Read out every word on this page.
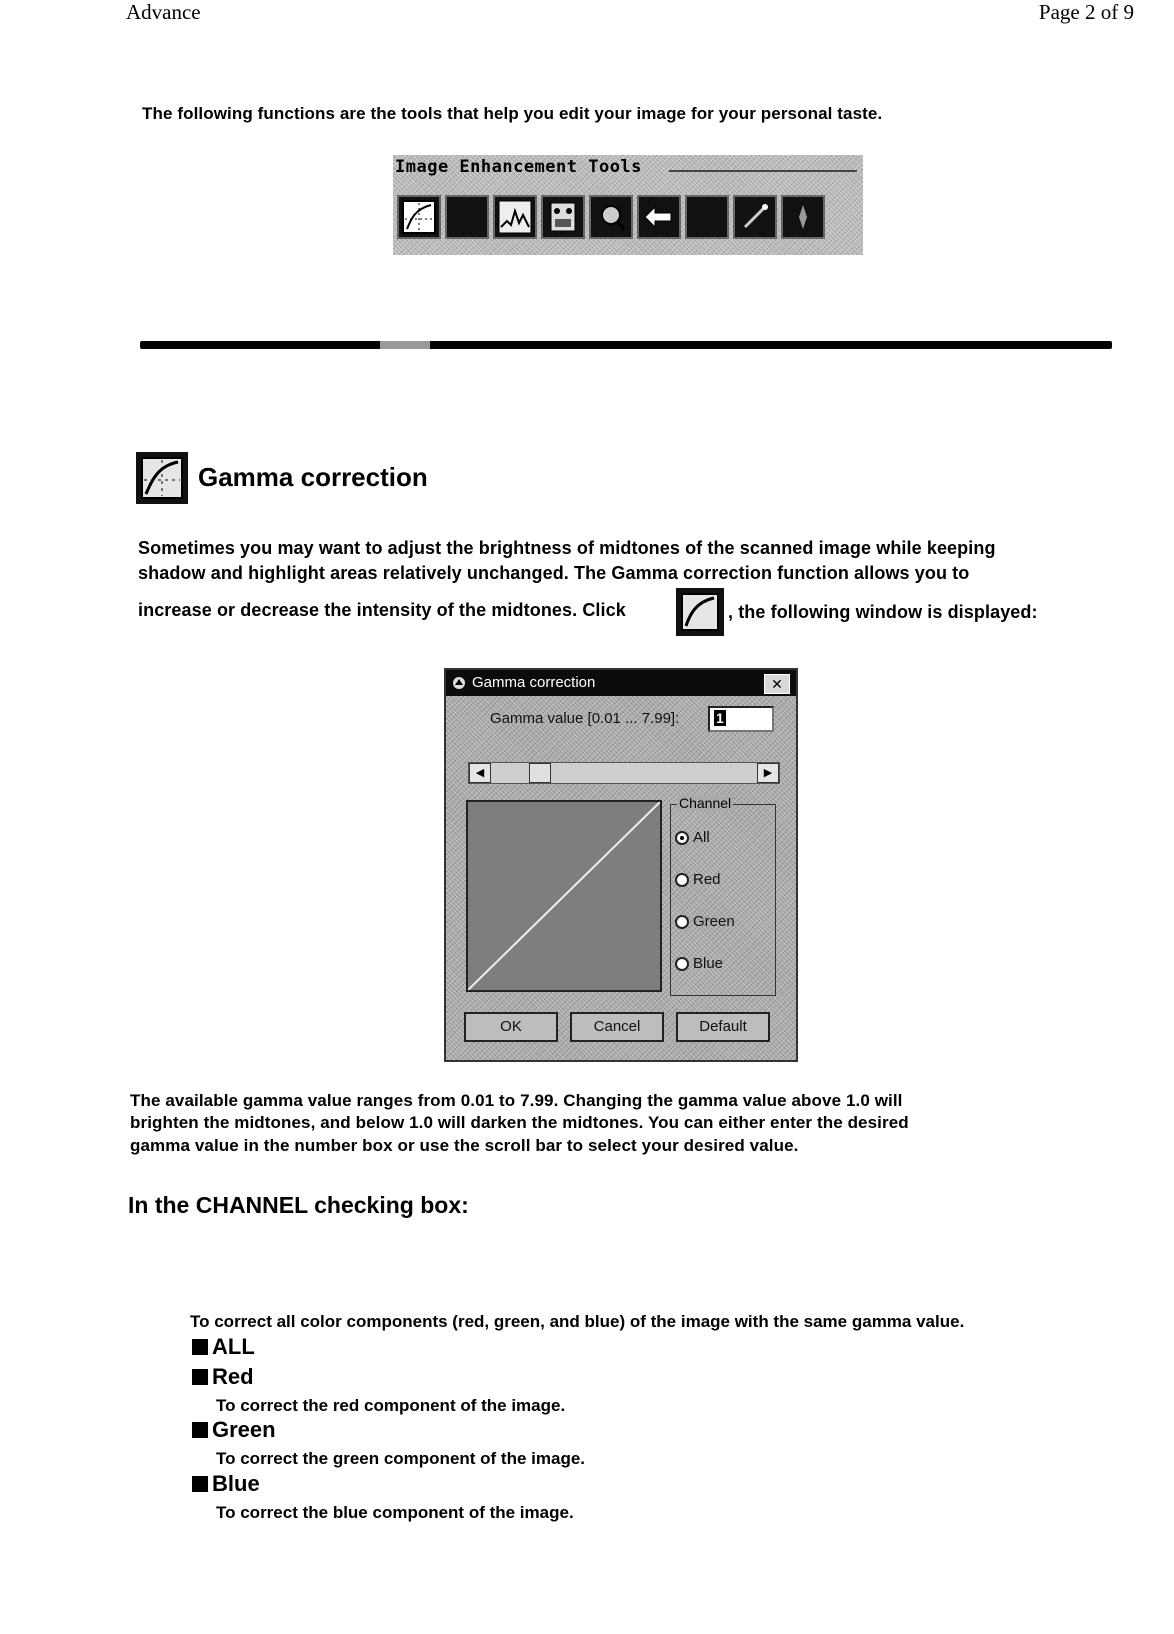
Advance	Page 2 of 9
The following functions are the tools that help you edit your image for your personal taste.
Image Enhancement Tools
Gamma correction
Sometimes you may want to adjust the brightness of midtones of the scanned image while keeping
shadow and highlight areas relatively unchanged. The Gamma correction function allows you to
increase or decrease the intensity of the midtones. Click	, the following window is displayed:
Gamma correction	✕
Gamma value [0.01 ... 7.99]:	1
◀	▶
Channel
All
Red
Green
Blue
OK	Cancel	Default
The available gamma value ranges from 0.01 to 7.99. Changing the gamma value above 1.0 will
brighten the midtones, and below 1.0 will darken the midtones. You can either enter the desired
gamma value in the number box or use the scroll bar to select your desired value.
In the CHANNEL checking box:
To correct all color components (red, green, and blue) of the image with the same gamma value.
ALL
Red
To correct the red component of the image.
Green
To correct the green component of the image.
Blue
To correct the blue component of the image.
